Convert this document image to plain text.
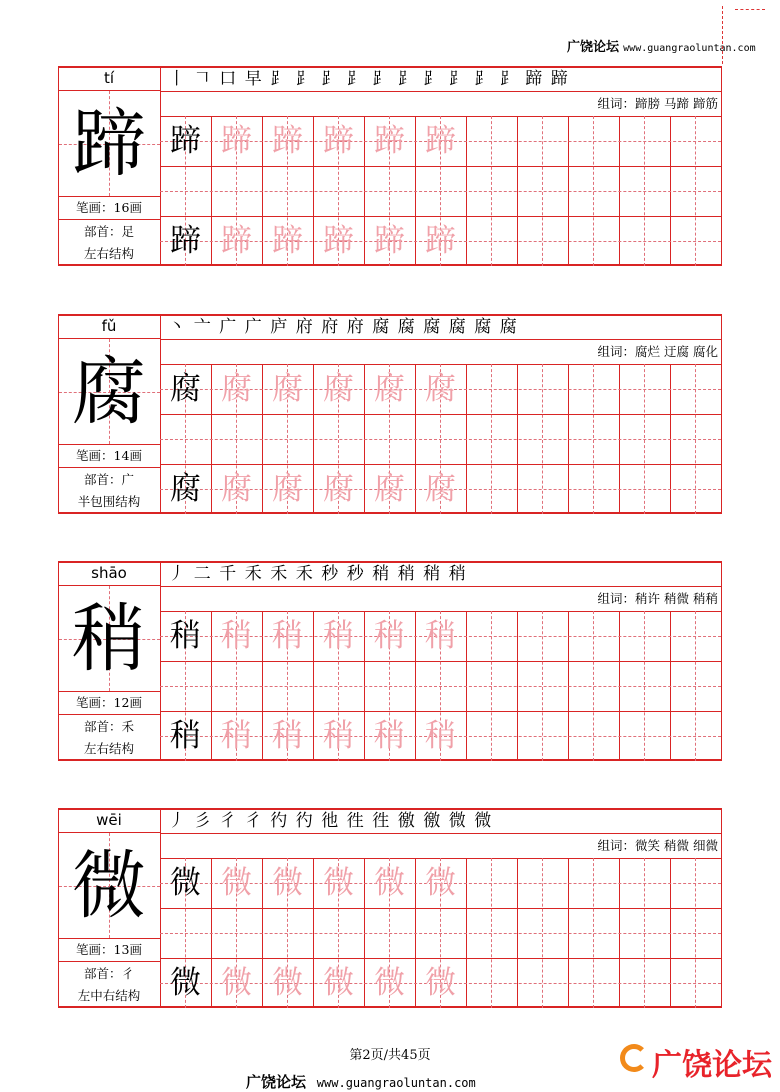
广饶论坛 www.guangraoluntan.com
tí
蹄
笔画：16画
部首：足
左右结构
组词：蹄膀 马蹄 蹄筋
丨 𠃍 口 早 ⻊ ⻊ ⻊ ⻊ ⻊ ⻊ ⻊ ⻊ ⻊ ⻊ 蹄 蹄
蹄 蹄 蹄 蹄 蹄 蹄
蹄 蹄 蹄 蹄 蹄 蹄
fǔ
腐
笔画：14画
部首：广
半包围结构
组词：腐烂 迂腐 腐化
丶 亠 广 广 庐 府 府 府 腐 腐 腐 腐 腐 腐
腐 腐 腐 腐 腐 腐
腐 腐 腐 腐 腐 腐
shāo
稍
笔画：12画
部首：禾
左右结构
组词：稍许 稍微 稍稍
丿 二 千 禾 禾 禾 秒 秒 稍 稍 稍 稍
稍 稍 稍 稍 稍 稍
稍 稍 稍 稍 稍 稍
wēi
微
笔画：13画
部首：彳
左中右结构
组词：微笑 稍微 细微
丿 彡 彳 彳 彴 彴 彵 徃 徃 徼 徼 微 微
微 微 微 微 微 微
微 微 微 微 微 微
第2页/共45页
广饶论坛 www.guangraoluntan.com	广饶论坛
